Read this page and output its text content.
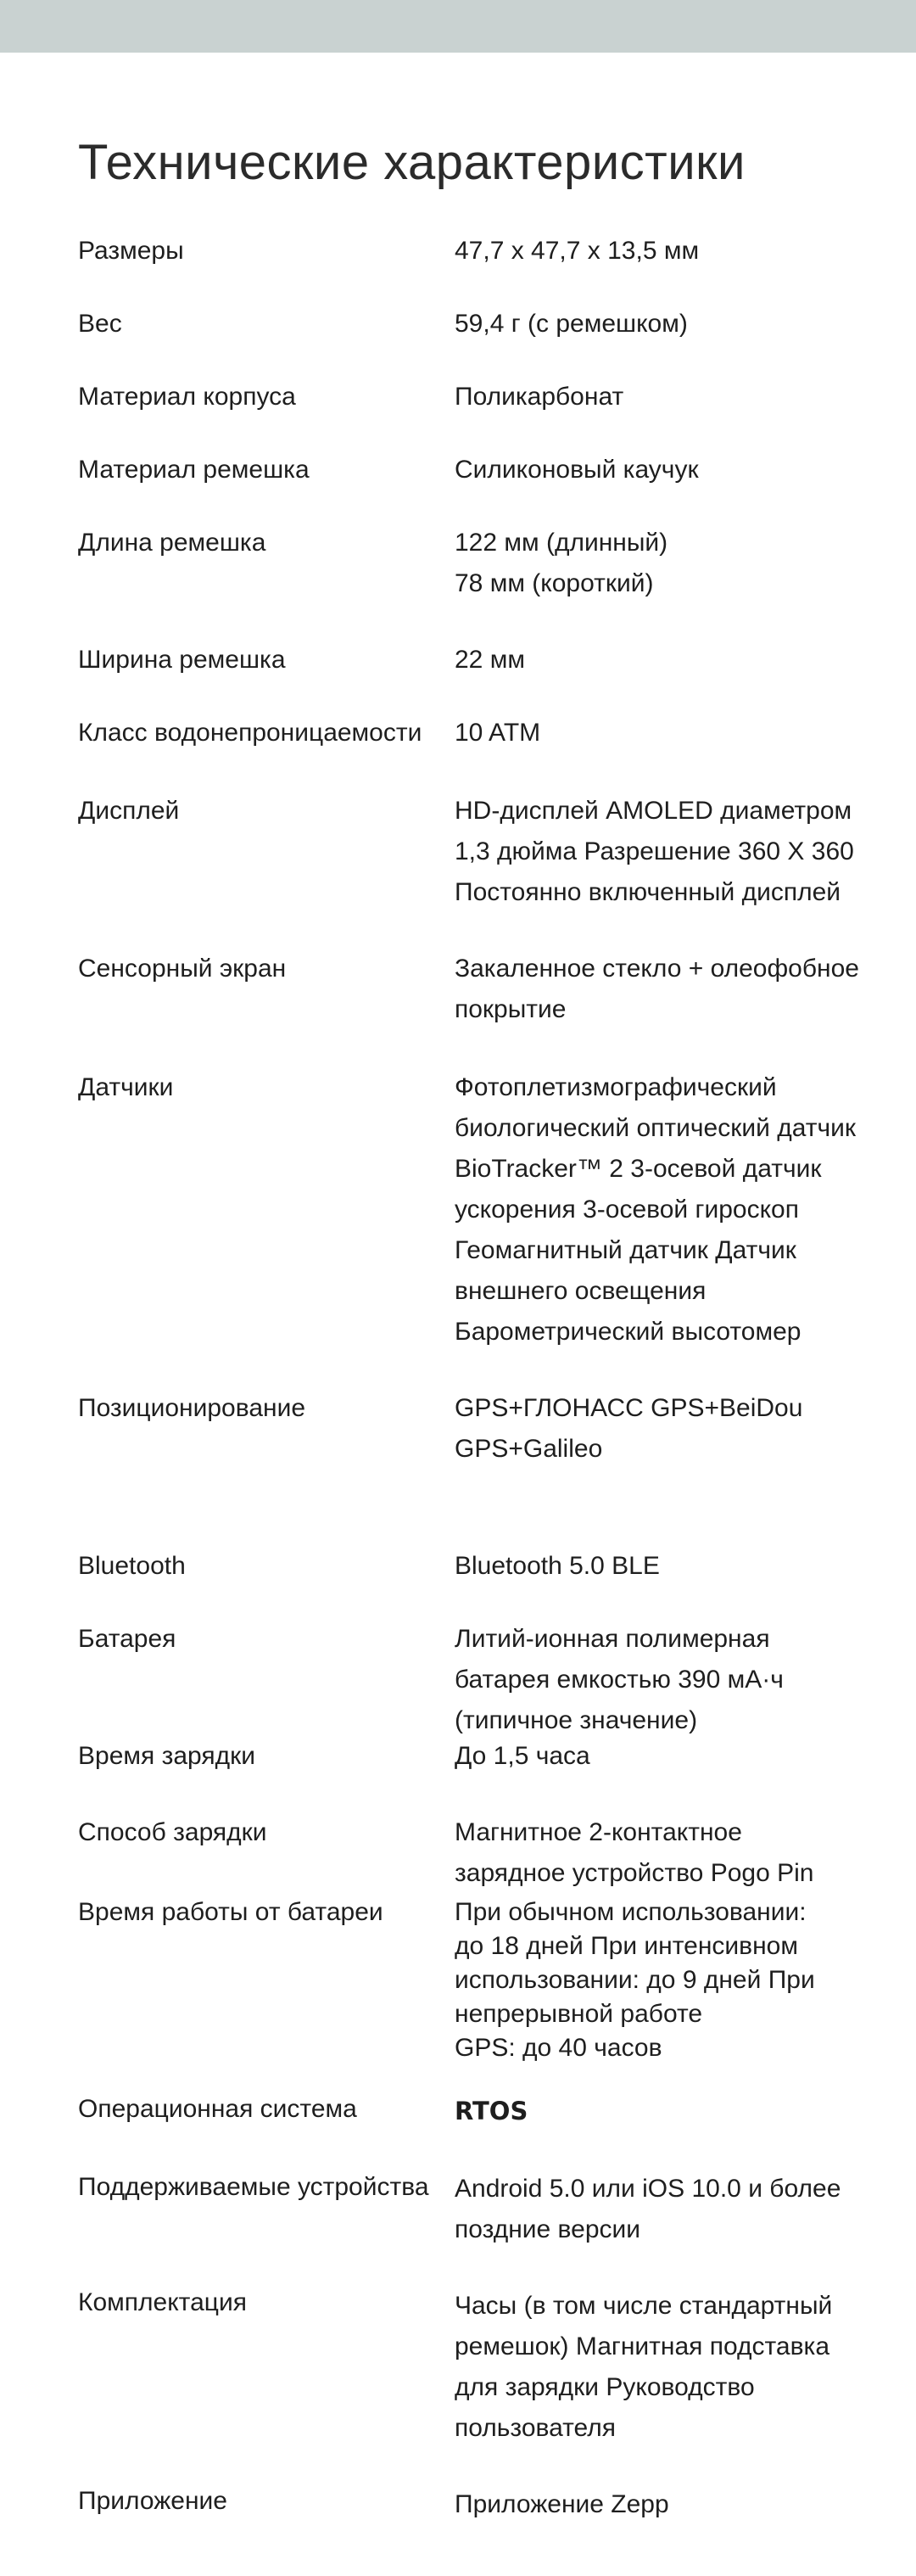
Технические характеристики
Размеры	47,7 x 47,7 x 13,5 мм
Вес	59,4 г (с ремешком)
Материал корпуса	Поликарбонат
Материал ремешка	Силиконовый каучук
Длина ремешка	122 мм (длинный)
78 мм (короткий)
Ширина ремешка	22 мм
Класс водонепроницаемости 10 ATM
Дисплей	HD-дисплей AMOLED диаметром
1,3 дюйма Разрешение 360 X 360
Постоянно включенный дисплей
Сенсорный экран	Закаленное стекло + олеофобное
покрытие
Датчики	Фотоплетизмографический
биологический оптический датчик
BioTracker™ 2 3-осевой датчик
ускорения 3-осевой гироскоп
Геомагнитный датчик Датчик
внешнего освещения
Барометрический высотомер
Позиционирование	GPS+ГЛОНАСС GPS+BeiDou
GPS+Galileo
Bluetooth	Bluetooth 5.0 BLE
Батарея	Литий-ионная полимерная
батарея емкостью 390 мА·ч
(типичное значение)
Время зарядки	До 1,5 часа
Способ зарядки	Магнитное 2-контактное
зарядное устройство Pogo Pin
Время работы от батареи	При обычном использовании:
до 18 дней При интенсивном
использовании: до 9 дней При
непрерывной работе
GPS: до 40 часов
Операционная система	RTOS
Поддерживаемые устройства Android 5.0 или iOS 10.0 и более
поздние версии
Комплектация	Часы (в том числе стандартный
ремешок) Магнитная подставка
для зарядки Руководство
пользователя
Приложение	Приложение Zepp
